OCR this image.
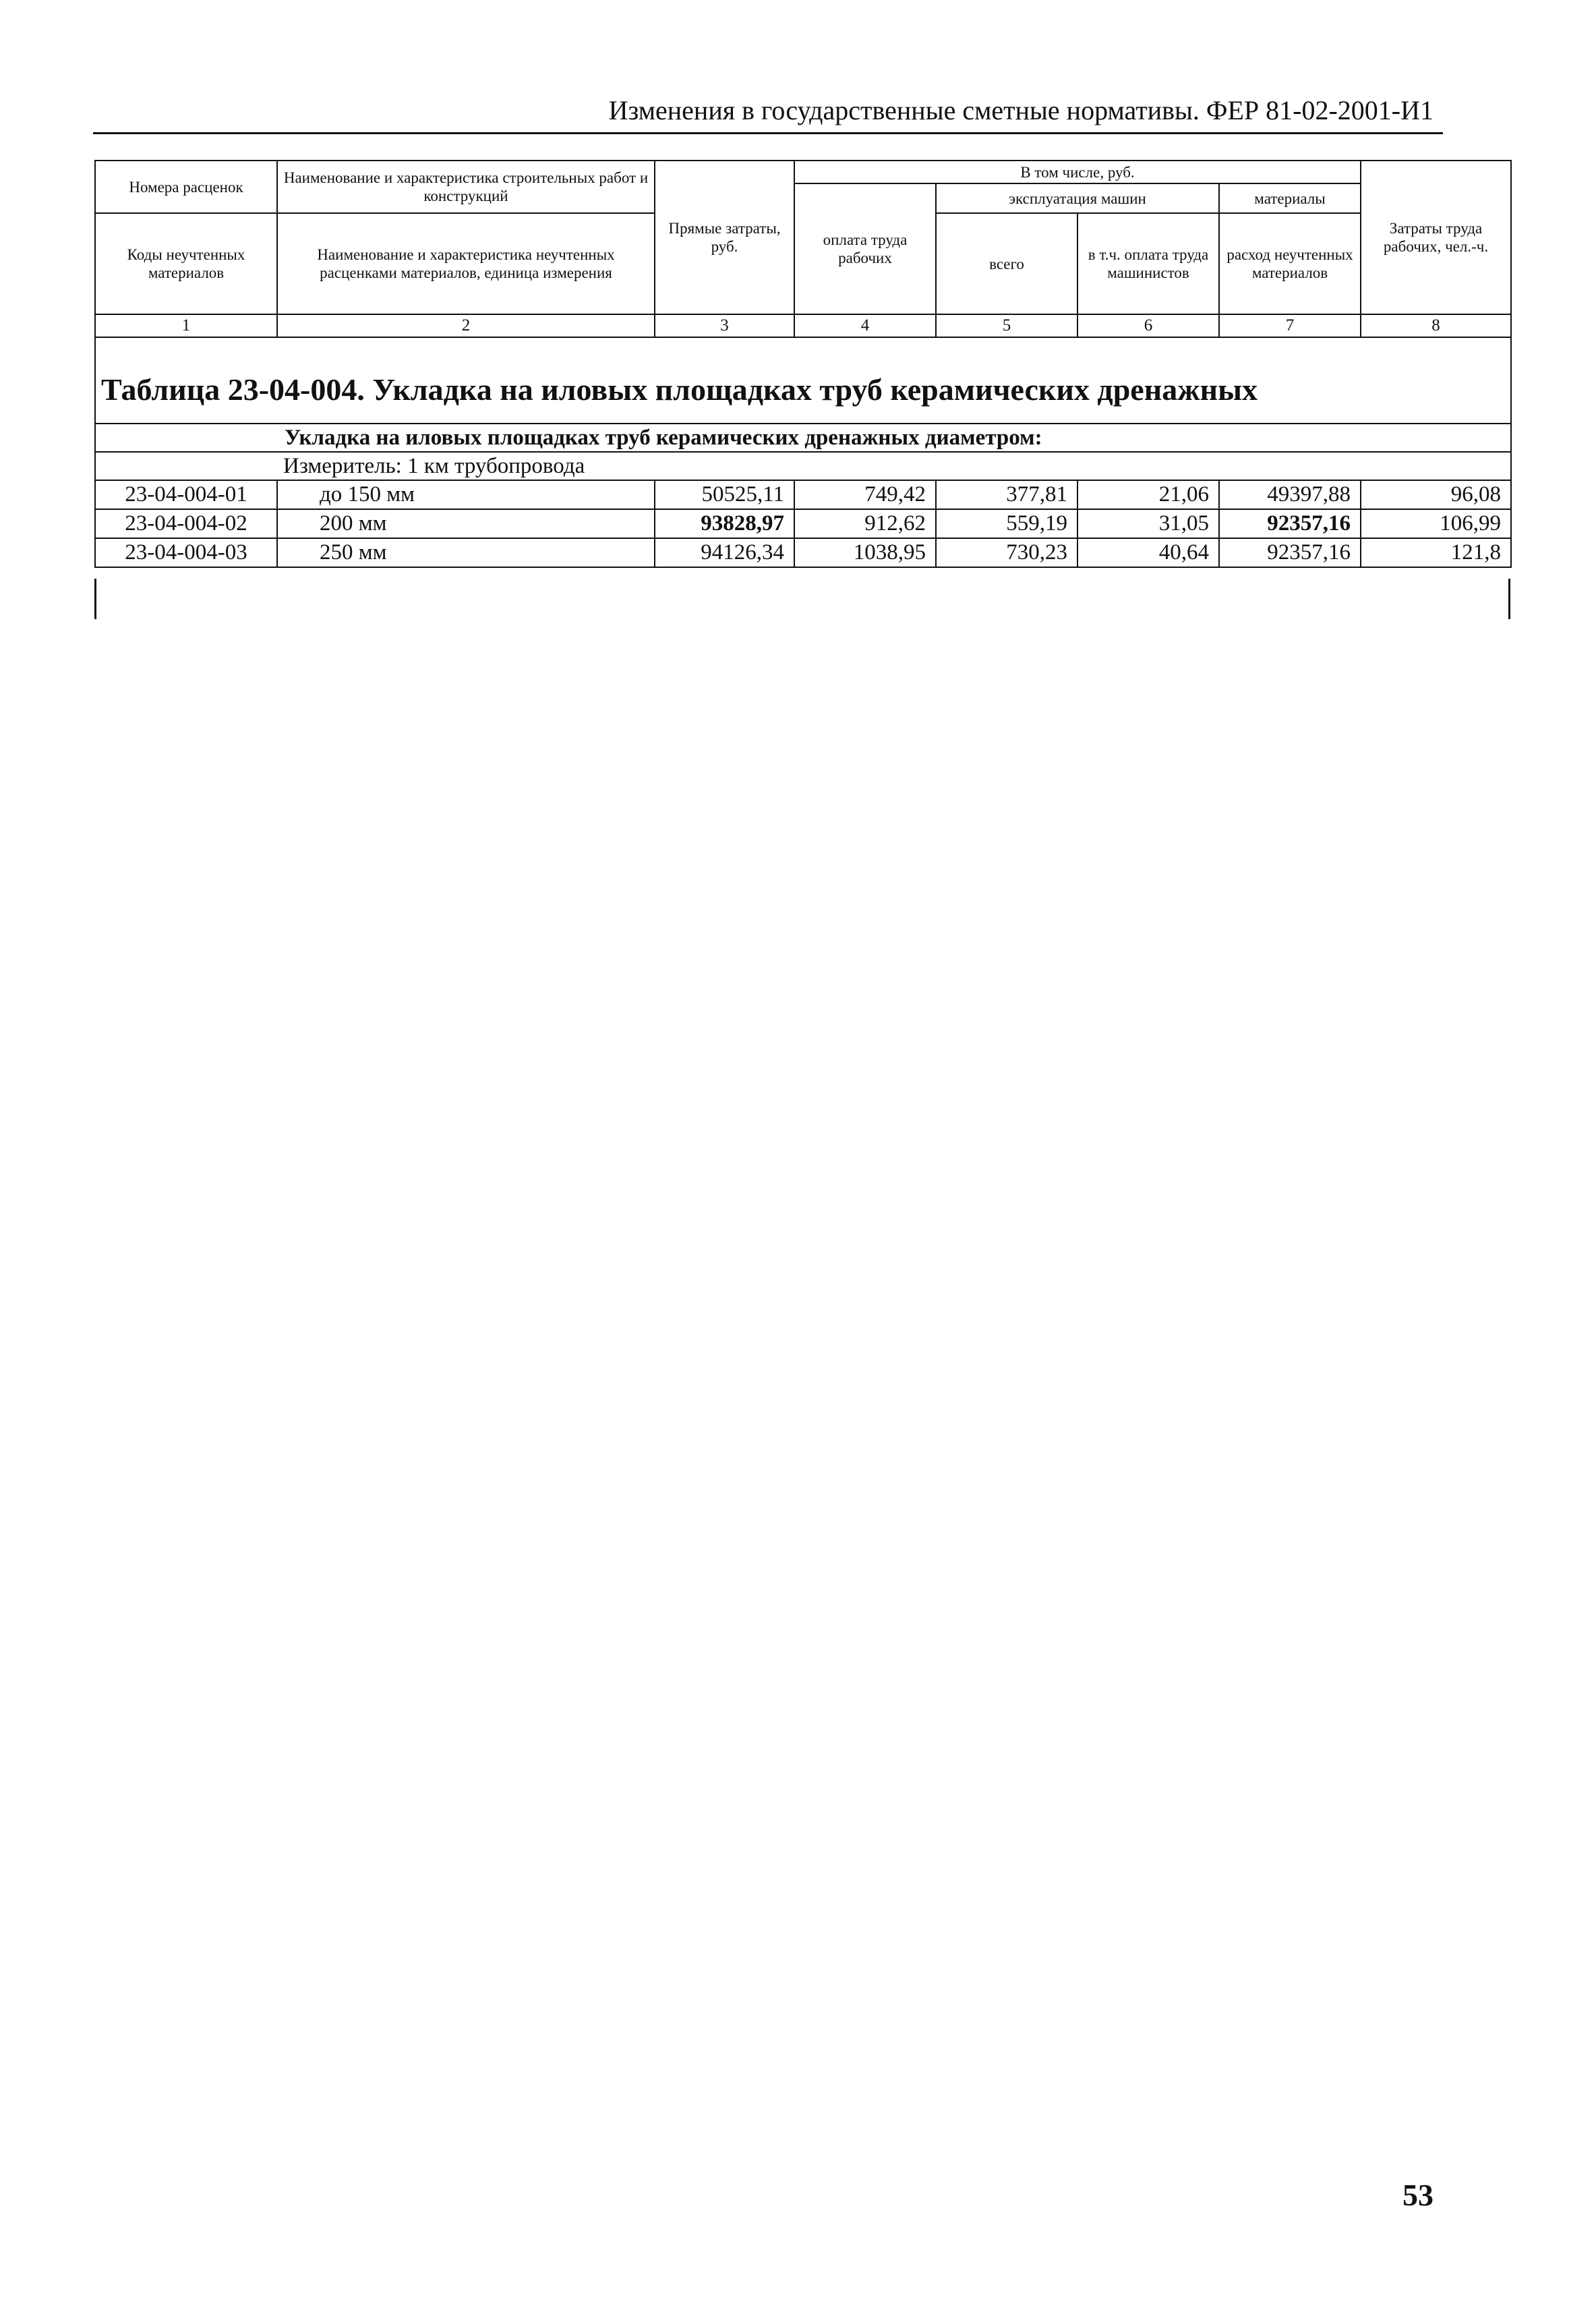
Изменения в государственные сметные нормативы. ФЕР 81-02-2001-И1
Номера расценок	Наименование и характеристика строительных работ и конструкций	Прямые затраты, руб.	В том числе, руб.				Затраты труда рабочих, чел.-ч.
			оплата труда рабочих	эксплуатация машин		материалы	
Коды неучтенных материалов	Наименование и характеристика неучтенных расценками материалов, единица измерения			всего	в т.ч. оплата труда машинистов	расход неучтенных материалов	

1	2	3	4	5	6	7	8
Таблица 23-04-004. Укладка на иловых площадках труб керамических дренажных							
Укладка на иловых площадках труб керамических дренажных диаметром:							
Измеритель: 1 км трубопровода							
23-04-004-01	до 150 мм	50525,11	749,42	377,81	21,06	49397,88	96,08
23-04-004-02	200 мм	93828,97	912,62	559,19	31,05	92357,16	106,99
23-04-004-03	250 мм	94126,34	1038,95	730,23	40,64	92357,16	121,8
53
